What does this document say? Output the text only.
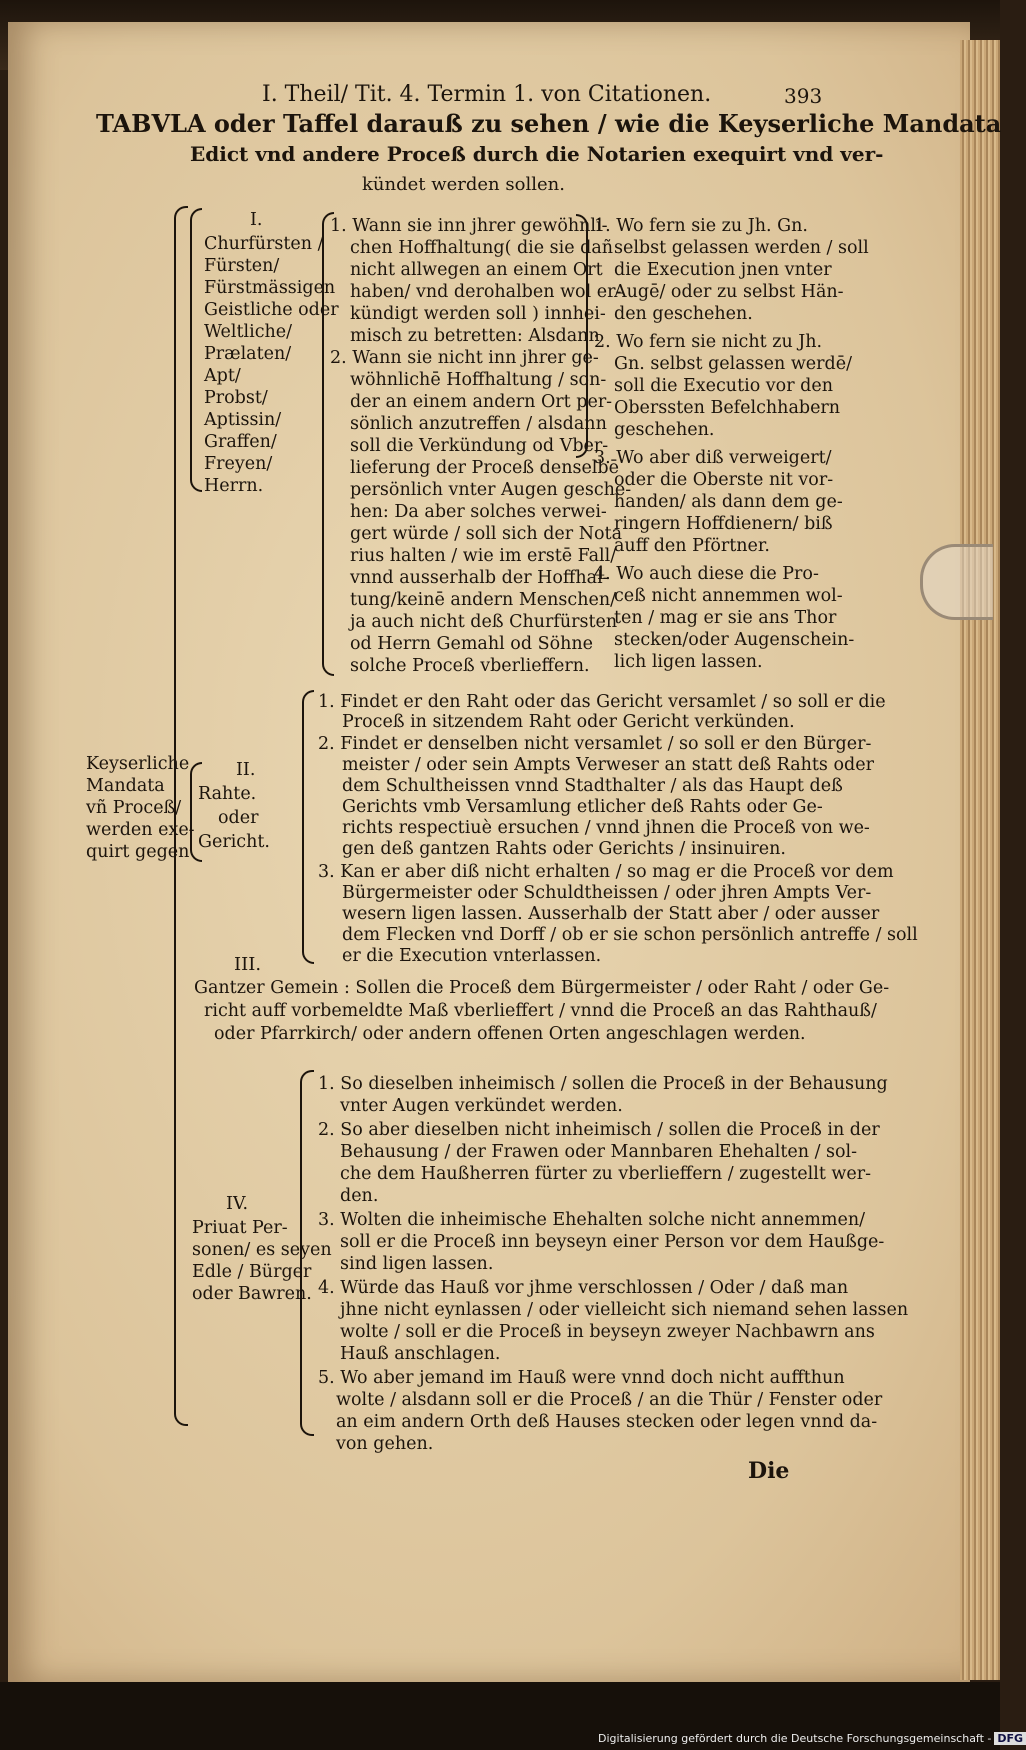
I. Theil/ Tit. 4. Termin 1. von Citationen.	393
TABVLA oder Taffel darauß zu sehen / wie die Keyserliche Mandata
Edict vnd andere Proceß durch die Notarien exequirt vnd ver-
kündet werden sollen.
Keyserliche
Mandata
vñ Proceß/
werden exe-
quirt gegen
I.
Churfürsten /
Fürsten/
Fürstmässigen
Geistliche oder
Weltliche/
Prælaten/
Apt/
Probst/
Aptissin/
Graffen/
Freyen/
Herrn.
1. Wann sie inn jhrer gewöhnli-
chen Hoffhaltung( die sie dañ
nicht allwegen an einem Ort
haben/ vnd derohalben wol er-
kündigt werden soll ) innhei-
misch zu betretten: Alsdann
2. Wann sie nicht inn jhrer ge-
wöhnlichē Hoffhaltung / son-
der an einem andern Ort per-
sönlich anzutreffen / alsdann
soll die Verkündung od Vber-
lieferung der Proceß denselbē
persönlich vnter Augen gesche-
hen: Da aber solches verwei-
gert würde / soll sich der Nota
rius halten / wie im erstē Fall/
vnnd ausserhalb der Hoffhal-
tung/keinē andern Menschen/
ja auch nicht deß Churfürsten
od Herrn Gemahl od Söhne
solche Proceß vberlieffern.
1. Wo fern sie zu Jh. Gn.
selbst gelassen werden / soll
die Execution jnen vnter
Augē/ oder zu selbst Hän-
den geschehen.
2. Wo fern sie nicht zu Jh.
Gn. selbst gelassen werdē/
soll die Executio vor den
Oberssten Befelchhabern
geschehen.
3. Wo aber diß verweigert/
oder die Oberste nit vor-
handen/ als dann dem ge-
ringern Hoffdienern/ biß
auff den Pförtner.
4. Wo auch diese die Pro-
ceß nicht annemmen wol-
ten / mag er sie ans Thor
stecken/oder Augenschein-
lich ligen lassen.
II.
Rahte.
oder
Gericht.
1. Findet er den Raht oder das Gericht versamlet / so soll er die
Proceß in sitzendem Raht oder Gericht verkünden.
2. Findet er denselben nicht versamlet / so soll er den Bürger-
meister / oder sein Ampts Verweser an statt deß Rahts oder
dem Schultheissen vnnd Stadthalter / als das Haupt deß
Gerichts vmb Versamlung etlicher deß Rahts oder Ge-
richts respectiuè ersuchen / vnnd jhnen die Proceß von we-
gen deß gantzen Rahts oder Gerichts / insinuiren.
3. Kan er aber diß nicht erhalten / so mag er die Proceß vor dem
Bürgermeister oder Schuldtheissen / oder jhren Ampts Ver-
wesern ligen lassen. Ausserhalb der Statt aber / oder ausser
dem Flecken vnd Dorff / ob er sie schon persönlich antreffe / soll
er die Execution vnterlassen.
III.
Gantzer Gemein : Sollen die Proceß dem Bürgermeister / oder Raht / oder Ge-
richt auff vorbemeldte Maß vberlieffert / vnnd die Proceß an das Rahthauß/
oder Pfarrkirch/ oder andern offenen Orten angeschlagen werden.
IV.
Priuat Per-
sonen/ es seyen
Edle / Bürger
oder Bawren.
1. So dieselben inheimisch / sollen die Proceß in der Behausung
vnter Augen verkündet werden.
2. So aber dieselben nicht inheimisch / sollen die Proceß in der
Behausung / der Frawen oder Mannbaren Ehehalten / sol-
che dem Haußherren fürter zu vberlieffern / zugestellt wer-
den.
3. Wolten die inheimische Ehehalten solche nicht annemmen/
soll er die Proceß inn beyseyn einer Person vor dem Haußge-
sind ligen lassen.
4. Würde das Hauß vor jhme verschlossen / Oder / daß man
jhne nicht eynlassen / oder vielleicht sich niemand sehen lassen
wolte / soll er die Proceß in beyseyn zweyer Nachbawrn ans
Hauß anschlagen.
5. Wo aber jemand im Hauß were vnnd doch nicht auffthun
wolte / alsdann soll er die Proceß / an die Thür / Fenster oder
an eim andern Orth deß Hauses stecken oder legen vnnd da-
von gehen.
Die
Digitalisierung gefördert durch die Deutsche Forschungsgemeinschaft - DFG
